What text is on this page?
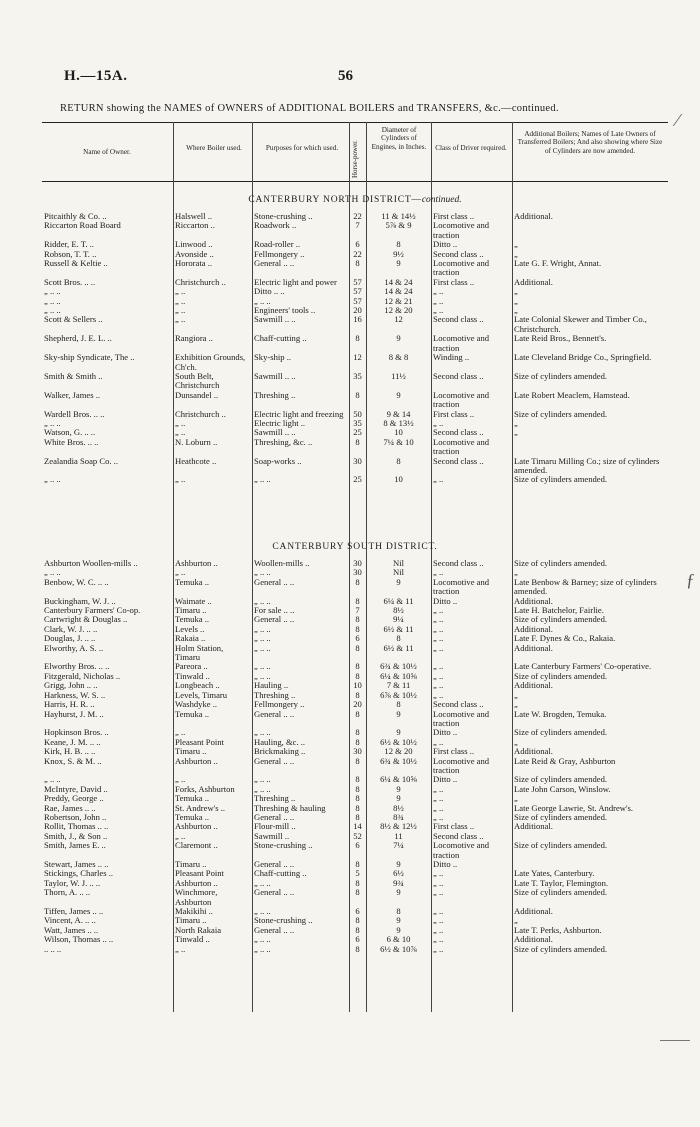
H.—15A.	56
RETURN showing the NAMES of OWNERS of ADDITIONAL BOILERS and TRANSFERS, &c.—continued.
Name of Owner.	Where Boiler used.	Purposes for which used.	Horse-power.
Diameter of Cylinders of Engines, in Inches.	Class of Driver required.
Additional Boilers; Names of Late Owners of Transferred Boilers; And also showing where Size of Cylinders are now amended.
CANTERBURY NORTH DISTRICT—continued.
CANTERBURY SOUTH DISTRICT.
Pitcaithly & Co. ..	Halswell ..	Stone-crushing ..	22	11 & 14½	First class ..	Additional.
Riccarton Road Board	Riccarton ..	Roadwork ..	7	5⅞ & 9	Locomotive and traction	
Ridder, E. T. ..	Linwood ..	Road-roller ..	6	8	Ditto ..	„
Robson, T. T. ..	Avonside ..	Fellmongery ..	22	9½	Second class ..	„
Russell & Keltie ..	Hororata ..	General .. ..	8	9	Locomotive and traction	Late G. F. Wright, Annat.
Scott Bros. .. ..	Christchurch ..	Electric light and power	57	14 & 24	First class ..	Additional.
„ .. ..	„ ..	Ditto .. ..	57	14 & 24	„ ..	„
„ .. ..	„ ..	„ .. ..	57	12 & 21	„ ..	„
„ .. ..	„ ..	Engineers' tools ..	20	12 & 20	„ ..	„
Scott & Sellers ..	„ ..	Sawmill .. ..	16	12	Second class ..	Late Colonial Skewer and Timber Co., Christchurch.
Shepherd, J. E. L. ..	Rangiora ..	Chaff-cutting ..	8	9	Locomotive and traction	Late Reid Bros., Bennett's.
Sky-ship Syndicate, The ..	Exhibition Grounds, Ch'ch.	Sky-ship ..	12	8 & 8	Winding ..	Late Cleveland Bridge Co., Springfield.
Smith & Smith ..	South Belt, Christchurch	Sawmill .. ..	35	11½	Second class ..	Size of cylinders amended.
Walker, James ..	Dunsandel ..	Threshing ..	8	9	Locomotive and traction	Late Robert Meaclem, Hamstead.
Wardell Bros. .. ..	Christchurch ..	Electric light and freezing	50	9 & 14	First class ..	Size of cylinders amended.
„ .. ..	„ ..	Electric light ..	35	8 & 13½	„ ..	„
Watson, G. .. ..	„ ..	Sawmill .. ..	25	10	Second class ..	„
White Bros. .. ..	N. Loburn ..	Threshing, &c. ..	8	7¼ & 10	Locomotive and traction	
Zealandia Soap Co. ..	Heathcote ..	Soap-works ..	30	8	Second class ..	Late Timaru Milling Co.; size of cylinders amended.
„ .. ..	„ ..	„ .. ..	25	10	„ ..	Size of cylinders amended.
Ashburton Woollen-mills ..	Ashburton ..	Woollen-mills ..	30	Nil	Second class ..	Size of cylinders amended.
„ .. ..	„ ..	„ .. ..	30	Nil	„ ..	„
Benbow, W. C. .. ..	Temuka ..	General .. ..	8	9	Locomotive and traction	Late Benbow & Barney; size of cylinders amended.
Buckingham, W. J. ..	Waimate ..	„ .. ..	8	6¼ & 11	Ditto ..	Additional.
Canterbury Farmers' Co-op.	Timaru ..	For sale .. ..	7	8½	„ ..	Late H. Batchelor, Fairlie.
Cartwright & Douglas ..	Temuka ..	General .. ..	8	9¼	„ ..	Size of cylinders amended.
Clark, W. J. .. ..	Levels ..	„ .. ..	8	6½ & 11	„ ..	Additional.
Douglas, J. .. ..	Rakaia ..	„ .. ..	6	8	„ ..	Late F. Dynes & Co., Rakaia.
Elworthy, A. S. ..	Holm Station, Timaru	„ .. ..	8	6½ & 11	„ ..	Additional.
Elworthy Bros. .. ..	Pareora ..	„ .. ..	8	6¾ & 10½	„ ..	Late Canterbury Farmers' Co-operative.
Fitzgerald, Nicholas ..	Tinwald ..	„ .. ..	8	6¼ & 10⅝	„ ..	Size of cylinders amended.
Grigg, John .. ..	Longbeach ..	Hauling ..	10	7 & 11	„ ..	Additional.
Harkness, W. S. ..	Levels, Timaru	Threshing ..	8	6⅞ & 10½	„ ..	„
Harris, H. R. ..	Washdyke ..	Fellmongery ..	20	8	Second class ..	„
Hayhurst, J. M. ..	Temuka ..	General .. ..	8	9	Locomotive and traction	Late W. Brogden, Temuka.
Hopkinson Bros. ..	„ ..	„ .. ..	8	9	Ditto ..	Size of cylinders amended.
Keane, J. M. .. ..	Pleasant Point	Hauling, &c. ..	8	6½ & 10½	„ ..	„
Kirk, H. B. .. ..	Timaru ..	Brickmaking ..	30	12 & 20	First class ..	Additional.
Knox, S. & M. ..	Ashburton ..	General .. ..	8	6¾ & 10½	Locomotive and traction	Late Reid & Gray, Ashburton
„ .. ..	„ ..	„ .. ..	8	6¼ & 10⅝	Ditto ..	Size of cylinders amended.
McIntyre, David ..	Forks, Ashburton	„ .. ..	8	9	„ ..	Late John Carson, Winslow.
Preddy, George ..	Temuka ..	Threshing ..	8	9	„ ..	„
Rae, James .. ..	St. Andrew's ..	Threshing & hauling	8	8½	„ ..	Late George Lawrie, St. Andrew's.
Robertson, John ..	Temuka ..	General .. ..	8	8¾	„ ..	Size of cylinders amended.
Rollit, Thomas .. ..	Ashburton ..	Flour-mill ..	14	8½ & 12½	First class ..	Additional.
Smith, J., & Son ..	„ ..	Sawmill ..	52	11	Second class ..	
Smith, James E. ..	Claremont ..	Stone-crushing ..	6	7¼	Locomotive and traction	Size of cylinders amended.
Stewart, James .. ..	Timaru ..	General .. ..	8	9	Ditto ..	
Stickings, Charles ..	Pleasant Point	Chaff-cutting ..	5	6½	„ ..	Late Yates, Canterbury.
Taylor, W. J. .. ..	Ashburton ..	„ .. ..	8	9¾	„ ..	Late T. Taylor, Flemington.
Thorn, A. .. ..	Winchmore, Ashburton	General .. ..	8	9	„ ..	Size of cylinders amended.
Tiffen, James .. ..	Makikihi ..	„ .. ..	6	8	„ ..	Additional.
Vincent, A. .. ..	Timaru ..	Stone-crushing ..	8	9	„ ..	„
Watt, James .. ..	North Rakaia	General .. ..	8	9	„ ..	Late T. Perks, Ashburton.
Wilson, Thomas .. ..	Tinwald ..	„ .. ..	6	6 & 10	„ ..	Additional.
.. .. ..	„ ..	„ .. ..	8	6½ & 10⅞	„ ..	Size of cylinders amended.
⁄
ƒ
